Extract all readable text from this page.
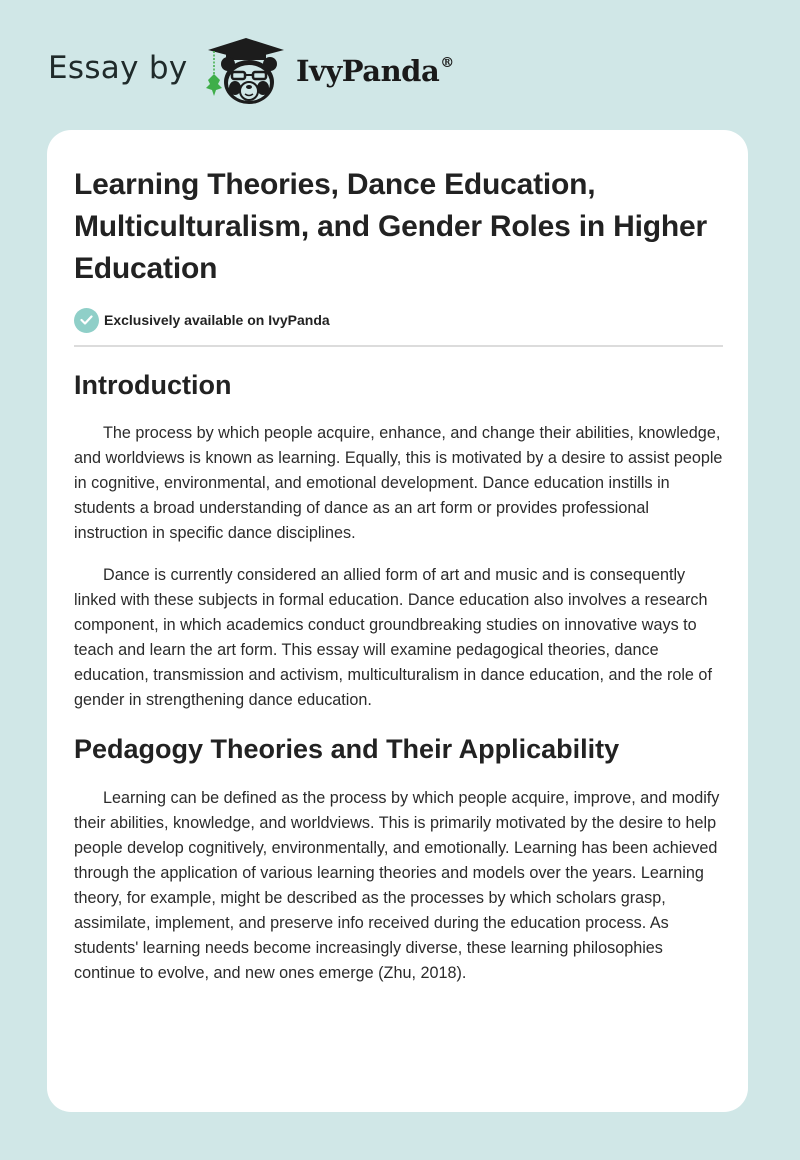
Essay by	IvyPanda®
Learning Theories, Dance Education, Multiculturalism, and Gender Roles in Higher Education
Exclusively available on IvyPanda
Introduction

The process by which people acquire, enhance, and change their abilities, knowledge, and worldviews is known as learning. Equally, this is motivated by a desire to assist people in cognitive, environmental, and emotional development. Dance education instills in students a broad understanding of dance as an art form or provides professional instruction in specific dance disciplines.

Dance is currently considered an allied form of art and music and is consequently linked with these subjects in formal education. Dance education also involves a research component, in which academics conduct groundbreaking studies on innovative ways to teach and learn the art form. This essay will examine pedagogical theories, dance education, transmission and activism, multiculturalism in dance education, and the role of gender in strengthening dance education.

Pedagogy Theories and Their Applicability

Learning can be defined as the process by which people acquire, improve, and modify their abilities, knowledge, and worldviews. This is primarily motivated by the desire to help people develop cognitively, environmentally, and emotionally. Learning has been achieved through the application of various learning theories and models over the years. Learning theory, for example, might be described as the processes by which scholars grasp, assimilate, implement, and preserve info received during the education process. As students' learning needs become increasingly diverse, these learning philosophies continue to evolve, and new ones emerge (Zhu, 2018).
